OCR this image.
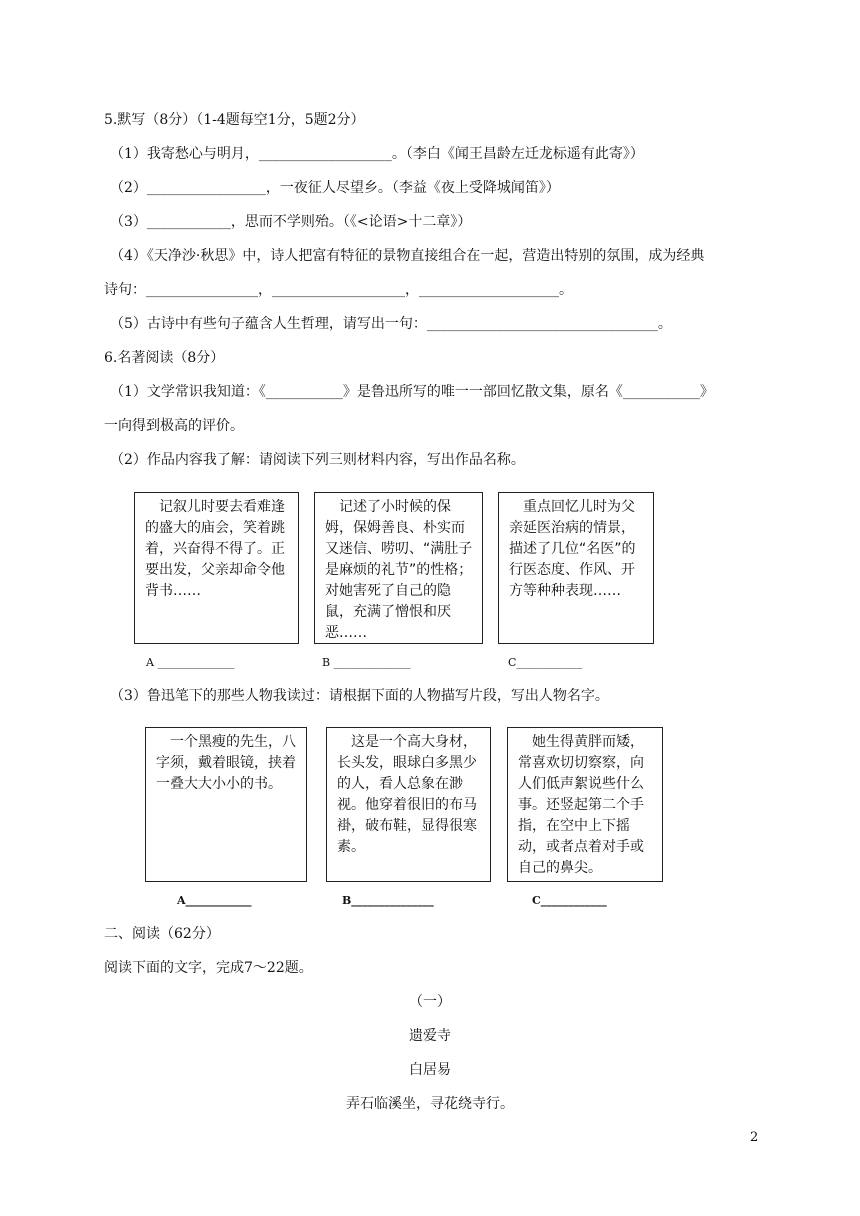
5.默写（8分）（1-4题每空1分，5题2分）
（1）我寄愁心与明月，___________________。（李白《闻王昌龄左迁龙标遥有此寄》）
（2）_________________，一夜征人尽望乡。（李益《夜上受降城闻笛》）
（3）____________，思而不学则殆。（《<论语>十二章》）
（4）《天净沙·秋思》中，诗人把富有特征的景物直接组合在一起，营造出特别的氛围，成为经典
诗句：________________，___________________，____________________。
（5）古诗中有些句子蕴含人生哲理，请写出一句：_________________________________。
6.名著阅读（8分）
（1）文学常识我知道：《___________》是鲁迅所写的唯一一部回忆散文集，原名《___________》
一向得到极高的评价。
（2）作品内容我了解：请阅读下列三则材料内容，写出作品名称。
　记叙儿时要去看难逢的盛大的庙会，笑着跳着，兴奋得不得了。正要出发，父亲却命令他背书……
　记述了小时候的保姆，保姆善良、朴实而又迷信、唠叨、“满肚子是麻烦的礼节”的性格；对她害死了自己的隐鼠，充满了憎恨和厌恶……
　重点回忆儿时为父亲延医治病的情景，描述了几位“名医”的行医态度、作风、开方等种种表现……
A ______________	B ______________	C____________
（3）鲁迅笔下的那些人物我读过：请根据下面的人物描写片段，写出人物名字。
　一个黑瘦的先生，八字须，戴着眼镜，挟着一叠大大小小的书。
　这是一个高大身材，长头发，眼球白多黑少的人，看人总象在渺视。他穿着很旧的布马褂，破布鞋，显得很寒素。
　她生得黄胖而矮，常喜欢切切察察，向人们低声絮说些什么事。还竖起第二个手指，在空中上下摇动，或者点着对手或自己的鼻尖。
A____________	B_______________	C____________
二、阅读（62分）
阅读下面的文字，完成7～22题。
（一）
遗爱寺
白居易
弄石临溪坐，寻花绕寺行。
2
